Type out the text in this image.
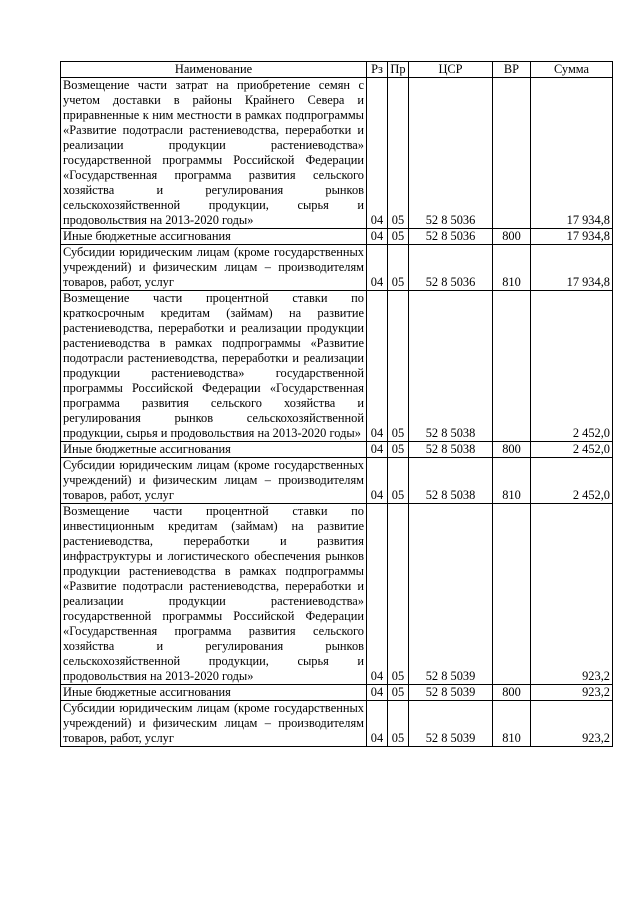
Наименование	Рз	Пр	ЦСР	ВР	Сумма
Возмещение части затрат на приобретение семян с учетом доставки в районы Крайнего Севера и приравненные к ним местности в рамках подпрограммы «Развитие подотрасли растениеводства, переработки и реализации продукции растениеводства» государственной программы Российской Федерации «Государственная программа развития сельского хозяйства и регулирования рынков сельскохозяйственной продукции, сырья и продовольствия на 2013-2020 годы»	04	05	52 8 5036		17 934,8
Иные бюджетные ассигнования	04	05	52 8 5036	800	17 934,8
Субсидии юридическим лицам (кроме государственных учреждений) и физическим лицам – производителям товаров, работ, услуг	04	05	52 8 5036	810	17 934,8
Возмещение части процентной ставки по краткосрочным кредитам (займам) на развитие растениеводства, переработки и реализации продукции растениеводства в рамках подпрограммы «Развитие подотрасли растениеводства, переработки и реализации продукции растениеводства» государственной программы Российской Федерации «Государственная программа развития сельского хозяйства и регулирования рынков сельскохозяйственной продукции, сырья и продовольствия на 2013-2020 годы»	04	05	52 8 5038		2 452,0
Иные бюджетные ассигнования	04	05	52 8 5038	800	2 452,0
Субсидии юридическим лицам (кроме государственных учреждений) и физическим лицам – производителям товаров, работ, услуг	04	05	52 8 5038	810	2 452,0
Возмещение части процентной ставки по инвестиционным кредитам (займам) на развитие растениеводства, переработки и развития инфраструктуры и логистического обеспечения рынков продукции растениеводства в рамках подпрограммы «Развитие подотрасли растениеводства, переработки и реализации продукции растениеводства» государственной программы Российской Федерации «Государственная программа развития сельского хозяйства и регулирования рынков сельскохозяйственной продукции, сырья и продовольствия на 2013-2020 годы»	04	05	52 8 5039		923,2
Иные бюджетные ассигнования	04	05	52 8 5039	800	923,2
Субсидии юридическим лицам (кроме государственных учреждений) и физическим лицам – производителям товаров, работ, услуг	04	05	52 8 5039	810	923,2
